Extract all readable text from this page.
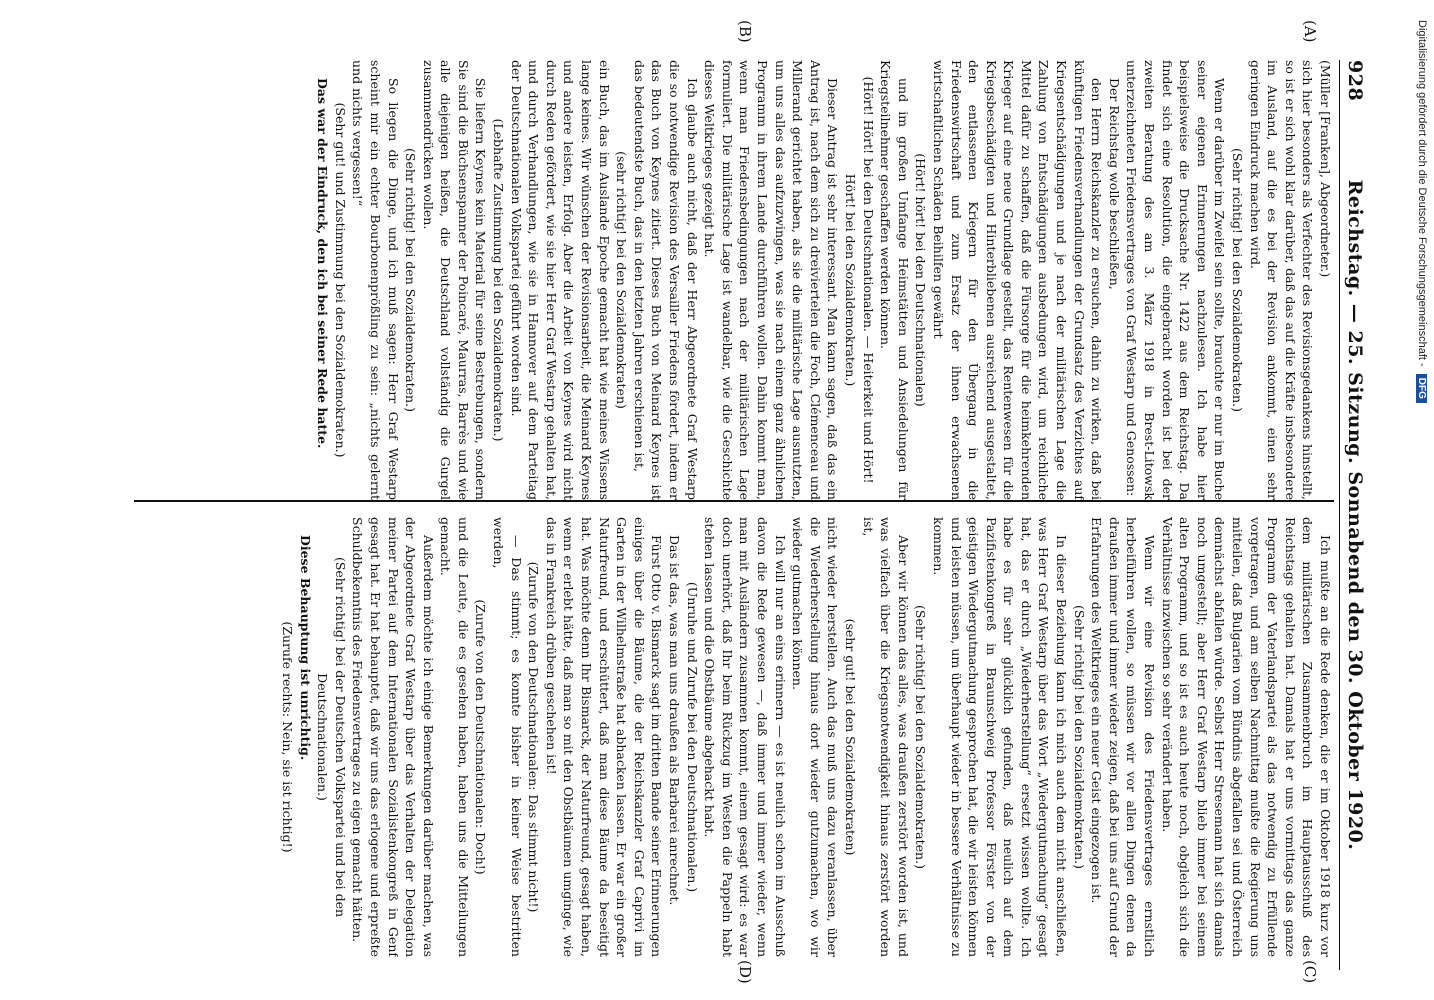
928
Reichstag. — 25. Sitzung. Sonnabend den 30. Oktober 1920.
(A)
(B)
(C)
(D)

(Müller [Franken], Abgeordneter.)

sich hier besonders als Verfechter des Revisionsgedankens hinstellt, so ist er sich wohl klar darüber, daß das auf die Kräfte insbesondere im Ausland, auf die es bei der Revision ankommt, einen sehr geringen Eindruck machen wird.

(Sehr richtig! bei den Sozialdemokraten.)

Wenn er darüber im Zweifel sein sollte, brauchte er nur im Buche seiner eigenen Erinnerungen nachzulesen. Ich habe hier beispielsweise die Drucksache Nr. 1422 aus dem Reichstag. Da findet sich eine Resolution, die eingebracht worden ist bei der zweiten Beratung des am 3. März 1918 in Brest-Litowsk unterzeichneten Friedensvertrages von Graf Westarp und Genossen:

Der Reichstag wolle beschließen,

den Herrn Reichskanzler zu ersuchen, dahin zu wirken, daß bei künftigen Friedensverhandlungen der Grundsatz des Verzichtes auf Kriegsentschädigungen und je nach der militärischen Lage die Zahlung von Entschädigungen ausbedungen wird, um reichliche Mittel dafür zu schaffen, daß die Fürsorge für die heimkehrenden Krieger auf eine neue Grundlage gestellt, das Rentenwesen für die Kriegsbeschädigten und Hinterbliebenen ausreichend ausgestaltet, den entlassenen Kriegern für den Übergang in die Friedenswirtschaft und zum Ersatz der ihnen erwachsenen wirtschaftlichen Schäden Beihilfen gewährt

(Hört! hört! bei den Deutschnationalen)

und im großen Umfange Heimstätten und Ansiedelungen für Kriegsteilnehmer geschaffen werden können.

(Hört! Hört! bei den Deutschnationalen. — Heiterkeit und Hört! Hört! bei den Sozialdemokraten.)

Dieser Antrag ist sehr interessant. Man kann sagen, daß das ein Antrag ist, nach dem sich zu dreiviertelen die Foch, Clémenceau und Millerand gerichtet haben, als sie die militärische Lage ausnutzten, um uns alles das aufzuzwingen, was sie nach einem ganz ähnlichen Programm in ihrem Lande durchführen wollen. Dahin kommt man, wenn man Friedensbedingungen nach der militärischen Lage formuliert. Die militärische Lage ist wandelbar, wie die Geschichte dieses Weltkrieges gezeigt hat.

Ich glaube auch nicht, daß der Herr Abgeordnete Graf Westarp die so notwendige Revision des Versailler Friedens fördert, indem er das Buch von Keynes zitiert. Dieses Buch von Meinard Keynes ist das bedeutendste Buch, das in den letzten Jahren erschienen ist,

(sehr richtig! bei den Sozialdemokraten)

ein Buch, das im Auslande Epoche gemacht hat wie meines Wissens lange keines. Wir wünschen der Revisionsarbeit, die Meinard Keynes und andere leisten, Erfolg. Aber die Arbeit von Keynes wird nicht durch Reden gefördert, wie sie hier Herr Graf Westarp gehalten hat, und durch Verhandlungen, wie sie in Hannover auf dem Parteitag der Deutschnationalen Volkspartei geführt worden sind.

(Lebhafte Zustimmung bei den Sozialdemokraten.)

Sie liefern Keynes kein Material für seine Bestrebungen, sondern Sie sind die Büchsenspanner der Poincaré, Maurras, Barrès und wie alle diejenigen heißen, die Deutschland vollständig die Gurgel zusammendrücken wollen.

(Sehr richtig! bei den Sozialdemokraten.)

So liegen die Dinge, und ich muß sagen: Herr Graf Westarp scheint mir ein echter Bourbonenprößling zu sein: „nichts gelernt und nichts vergessen!“

(Sehr gut! und Zustimmung bei den Sozialdemokraten.)

Das war der Eindruck, den ich bei seiner Rede hatte.

Ich mußte an die Rede denken, die er im Oktober 1918 kurz vor dem militärischen Zusammenbruch im Hauptausschuß des Reichstags gehalten hat. Damals hat er uns vormittags das ganze Programm der Vaterlandspartei als das notwendig zu Erfüllende vorgetragen, und am selben Nachmittag mußte die Regierung uns mitteilen, daß Bulgarien vom Bündnis abgefallen sei und Österreich demnächst abfallen würde. Selbst Herr Stresemann hat sich damals noch umgestellt; aber Herr Graf Westarp blieb immer bei seinem alten Programm, und so ist es auch heute noch, obgleich sich die Verhältnisse inzwischen so sehr verändert haben.

Wenn wir eine Revision des Friedensvertrages ernstlich herbeiführen wollen, so müssen wir vor allen Dingen denen da draußen immer und immer wieder zeigen, daß bei uns auf Grund der Erfahrungen des Weltkrieges ein neuer Geist eingezogen ist.

(Sehr richtig! bei den Sozialdemokraten.)

In dieser Beziehung kann ich mich auch dem nicht anschließen, was Herr Graf Westarp über das Wort „Wiedergutmachung“ gesagt hat, das er durch „Wiederherstellung“ ersetzt wissen wollte. Ich habe es für sehr glücklich gefunden, daß neulich auf dem Pazifistenkongreß in Braunschweig Professor Förster von der geistigen Wiedergutmachung gesprochen hat, die wir leisten können und leisten müssen, um überhaupt wieder in bessere Verhältnisse zu kommen.

(Sehr richtig! bei den Sozialdemokraten.)

Aber wir können das alles, was draußen zerstört worden ist, und was vielfach über die Kriegsnotwendigkeit hinaus zerstört worden ist,

(sehr gut! bei den Sozialdemokraten)

nicht wieder herstellen. Auch das muß uns dazu veranlassen, über die Wiederherstellung hinaus dort wieder gutzumachen, wo wir wieder gutmachen können.

Ich will nur an eins erinnern — es ist neulich schon im Ausschuß davon die Rede gewesen —, daß immer und immer wieder, wenn man mit Ausländern zusammen kommt, einem gesagt wird: es war doch unerhört, daß Ihr beim Rückzug im Westen die Pappeln habt stehen lassen und die Obstbäume abgehackt habt.

(Unruhe und Zurufe bei den Deutschnationalen.)

Das ist das, was man uns draußen als Barbarei anrechnet.

Fürst Otto v. Bismarck sagt im dritten Bande seiner Erinnerungen einiges über die Bäume, die der Reichskanzler Graf Caprivi im Garten in der Wilhelmstraße hat abhacken lassen. Er war ein großer Naturfreund, und erschüttert, daß man diese Bäume da beseitigt hat. Was möchte denn Ihr Bismarck, der Naturfreund, gesagt haben, wenn er erlebt hätte, daß man so mit den Obstbäumen umginge, wie das in Frankreich drüben geschehen ist!

(Zurufe von den Deutschnationalen: Das stimmt nicht!)

— Das stimmt; es konnte bisher in keiner Weise bestritten werden,

(Zurufe von den Deutschnationalen: Doch!)

und die Leute, die es gesehen haben, haben uns die Mitteilungen gemacht.

Außerdem möchte ich einige Bemerkungen darüber machen, was der Abgeordnete Graf Westarp über das Verhalten der Delegation meiner Partei auf dem Internationalen Sozialistenkongreß in Genf gesagt hat. Er hat behauptet, daß wir uns das erlogene und erpreßte Schuldbekenntnis des Friedensvertrages zu eigen gemacht hätten.

(Sehr richtig! bei der Deutschen Volkspartei und bei den Deutschnationalen.)

Diese Behauptung ist unrichtig.

(Zurufe rechts: Nein, sie ist richtig!)

Digitalisierung gefördert durch die Deutsche Forschungsgemeinschaft - DFG
